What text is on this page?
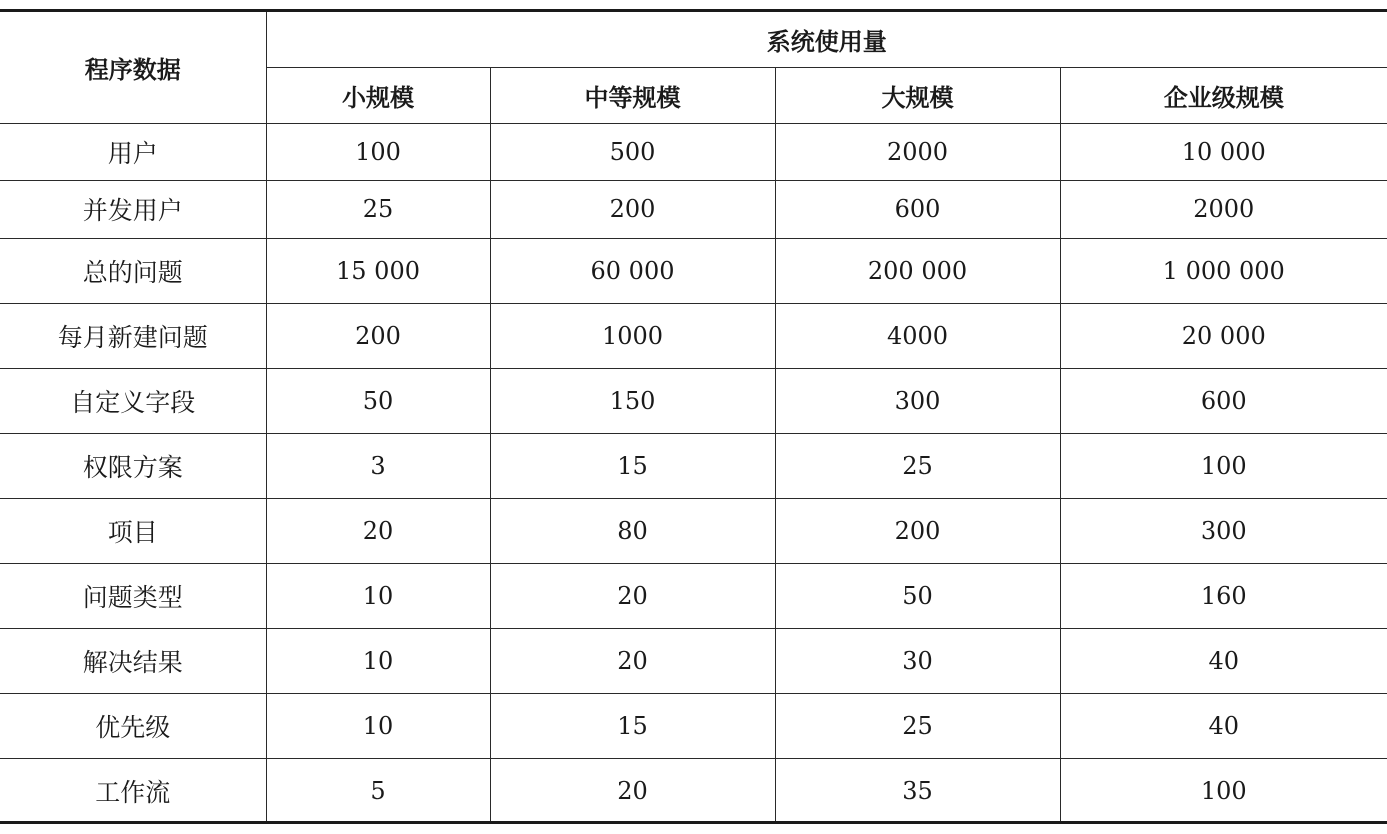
程序数据	系统使用量			
	小规模	中等规模	大规模	企业级规模
用户	100	500	2000	10 000
并发用户	25	200	600	2000
总的问题	15 000	60 000	200 000	1 000 000
每月新建问题	200	1000	4000	20 000
自定义字段	50	150	300	600
权限方案	3	15	25	100
项目	20	80	200	300
问题类型	10	20	50	160
解决结果	10	20	30	40
优先级	10	15	25	40
工作流	5	20	35	100
